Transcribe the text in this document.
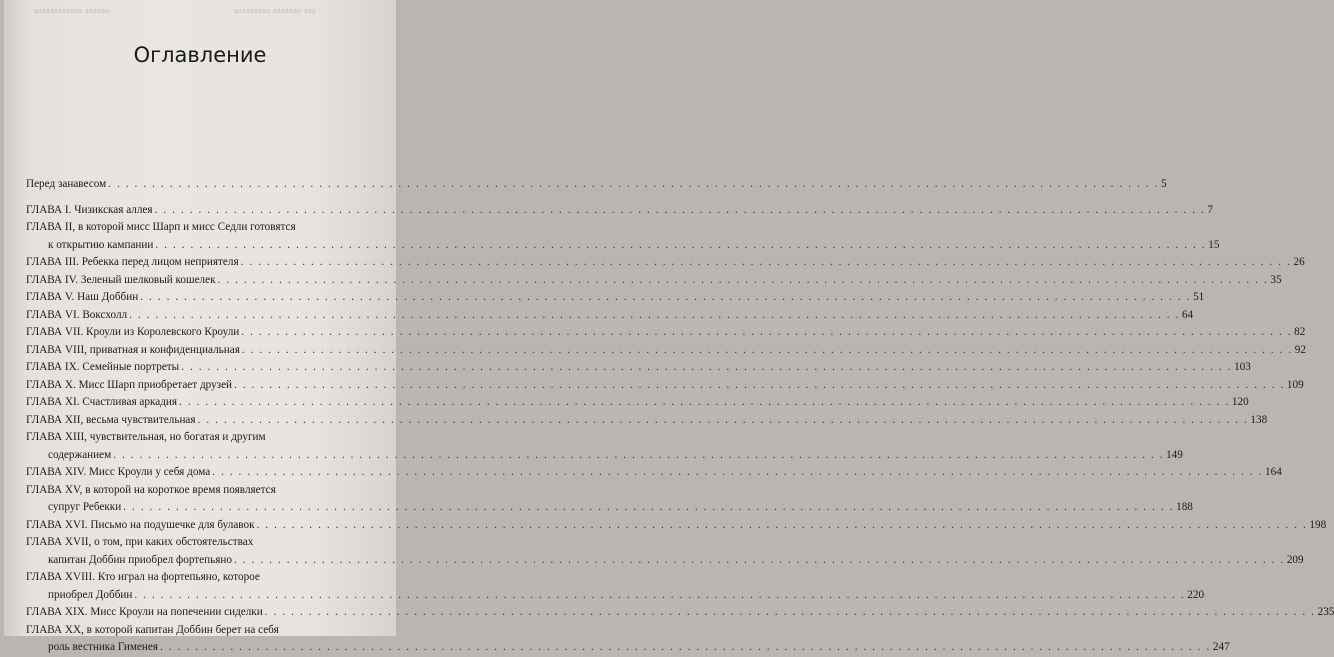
аааааааааааа аааааа	ааааааааа ааааааа ааа
Оглавление
Перед занавесом . . . . . . . . . . . . . . . . . . . . . . . . . . . . . . . . . . . . . . . . . . . . . . . . . . . . . . . . . . . . . . . . . . . . . . . . . . . . . . . . . . . . . . . . . . . . . . . . . . . . . . . . . . . . . . . . . . . . . . . . 5
ГЛАВА I. Чизикская аллея . . . . . . . . . . . . . . . . . . . . . . . . . . . . . . . . . . . . . . . . . . . . . . . . . . . . . . . . . . . . . . . . . . . . . . . . . . . . . . . . . . . . . . . . . . . . . . . . . . . . . . . . . . . . . . . . . . . . . . . . 7
ГЛАВА II, в которой мисс Шарп и мисс Седли готовятся
к открытию кампании . . . . . . . . . . . . . . . . . . . . . . . . . . . . . . . . . . . . . . . . . . . . . . . . . . . . . . . . . . . . . . . . . . . . . . . . . . . . . . . . . . . . . . . . . . . . . . . . . . . . . . . . . . . . . . . . . . . . . . . . 15
ГЛАВА III. Ребекка перед лицом неприятеля . . . . . . . . . . . . . . . . . . . . . . . . . . . . . . . . . . . . . . . . . . . . . . . . . . . . . . . . . . . . . . . . . . . . . . . . . . . . . . . . . . . . . . . . . . . . . . . . . . . . . . . . . . . . . . . . . . . . . . . . 26
ГЛАВА IV. Зеленый шелковый кошелек . . . . . . . . . . . . . . . . . . . . . . . . . . . . . . . . . . . . . . . . . . . . . . . . . . . . . . . . . . . . . . . . . . . . . . . . . . . . . . . . . . . . . . . . . . . . . . . . . . . . . . . . . . . . . . . . . . . . . . . . 35
ГЛАВА V. Наш Доббин . . . . . . . . . . . . . . . . . . . . . . . . . . . . . . . . . . . . . . . . . . . . . . . . . . . . . . . . . . . . . . . . . . . . . . . . . . . . . . . . . . . . . . . . . . . . . . . . . . . . . . . . . . . . . . . . . . . . . . . . 51
ГЛАВА VI. Воксхолл . . . . . . . . . . . . . . . . . . . . . . . . . . . . . . . . . . . . . . . . . . . . . . . . . . . . . . . . . . . . . . . . . . . . . . . . . . . . . . . . . . . . . . . . . . . . . . . . . . . . . . . . . . . . . . . . . . . . . . . . 64
ГЛАВА VII. Кроули из Королевского Кроули . . . . . . . . . . . . . . . . . . . . . . . . . . . . . . . . . . . . . . . . . . . . . . . . . . . . . . . . . . . . . . . . . . . . . . . . . . . . . . . . . . . . . . . . . . . . . . . . . . . . . . . . . . . . . . . . . . . . . . . . 82
ГЛАВА VIII, приватная и конфиденциальная . . . . . . . . . . . . . . . . . . . . . . . . . . . . . . . . . . . . . . . . . . . . . . . . . . . . . . . . . . . . . . . . . . . . . . . . . . . . . . . . . . . . . . . . . . . . . . . . . . . . . . . . . . . . . . . . . . . . . . . . 92
ГЛАВА IX. Семейные портреты . . . . . . . . . . . . . . . . . . . . . . . . . . . . . . . . . . . . . . . . . . . . . . . . . . . . . . . . . . . . . . . . . . . . . . . . . . . . . . . . . . . . . . . . . . . . . . . . . . . . . . . . . . . . . . . . . . . . . . . . 103
ГЛАВА X. Мисс Шарп приобретает друзей . . . . . . . . . . . . . . . . . . . . . . . . . . . . . . . . . . . . . . . . . . . . . . . . . . . . . . . . . . . . . . . . . . . . . . . . . . . . . . . . . . . . . . . . . . . . . . . . . . . . . . . . . . . . . . . . . . . . . . . . 109
ГЛАВА XI. Счастливая аркадия . . . . . . . . . . . . . . . . . . . . . . . . . . . . . . . . . . . . . . . . . . . . . . . . . . . . . . . . . . . . . . . . . . . . . . . . . . . . . . . . . . . . . . . . . . . . . . . . . . . . . . . . . . . . . . . . . . . . . . . . 120
ГЛАВА XII, весьма чувствительная . . . . . . . . . . . . . . . . . . . . . . . . . . . . . . . . . . . . . . . . . . . . . . . . . . . . . . . . . . . . . . . . . . . . . . . . . . . . . . . . . . . . . . . . . . . . . . . . . . . . . . . . . . . . . . . . . . . . . . . . 138
ГЛАВА XIII, чувствительная, но богатая и другим
содержанием . . . . . . . . . . . . . . . . . . . . . . . . . . . . . . . . . . . . . . . . . . . . . . . . . . . . . . . . . . . . . . . . . . . . . . . . . . . . . . . . . . . . . . . . . . . . . . . . . . . . . . . . . . . . . . . . . . . . . . . . 149
ГЛАВА XIV. Мисс Кроули у себя дома . . . . . . . . . . . . . . . . . . . . . . . . . . . . . . . . . . . . . . . . . . . . . . . . . . . . . . . . . . . . . . . . . . . . . . . . . . . . . . . . . . . . . . . . . . . . . . . . . . . . . . . . . . . . . . . . . . . . . . . . 164
ГЛАВА XV, в которой на короткое время появляется
супруг Ребекки . . . . . . . . . . . . . . . . . . . . . . . . . . . . . . . . . . . . . . . . . . . . . . . . . . . . . . . . . . . . . . . . . . . . . . . . . . . . . . . . . . . . . . . . . . . . . . . . . . . . . . . . . . . . . . . . . . . . . . . . 188
ГЛАВА XVI. Письмо на подушечке для булавок . . . . . . . . . . . . . . . . . . . . . . . . . . . . . . . . . . . . . . . . . . . . . . . . . . . . . . . . . . . . . . . . . . . . . . . . . . . . . . . . . . . . . . . . . . . . . . . . . . . . . . . . . . . . . . . . . . . . . . . . 198
ГЛАВА XVII, о том, при каких обстоятельствах
капитан Доббин приобрел фортепьяно . . . . . . . . . . . . . . . . . . . . . . . . . . . . . . . . . . . . . . . . . . . . . . . . . . . . . . . . . . . . . . . . . . . . . . . . . . . . . . . . . . . . . . . . . . . . . . . . . . . . . . . . . . . . . . . . . . . . . . . . 209
ГЛАВА XVIII. Кто играл на фортепьяно, которое
приобрел Доббин . . . . . . . . . . . . . . . . . . . . . . . . . . . . . . . . . . . . . . . . . . . . . . . . . . . . . . . . . . . . . . . . . . . . . . . . . . . . . . . . . . . . . . . . . . . . . . . . . . . . . . . . . . . . . . . . . . . . . . . . 220
ГЛАВА XIX. Мисс Кроули на попечении сиделки . . . . . . . . . . . . . . . . . . . . . . . . . . . . . . . . . . . . . . . . . . . . . . . . . . . . . . . . . . . . . . . . . . . . . . . . . . . . . . . . . . . . . . . . . . . . . . . . . . . . . . . . . . . . . . . . . . . . . . . . 235
ГЛАВА XX, в которой капитан Доббин берет на себя
роль вестника Гименея . . . . . . . . . . . . . . . . . . . . . . . . . . . . . . . . . . . . . . . . . . . . . . . . . . . . . . . . . . . . . . . . . . . . . . . . . . . . . . . . . . . . . . . . . . . . . . . . . . . . . . . . . . . . . . . . . . . . . . . . 247
